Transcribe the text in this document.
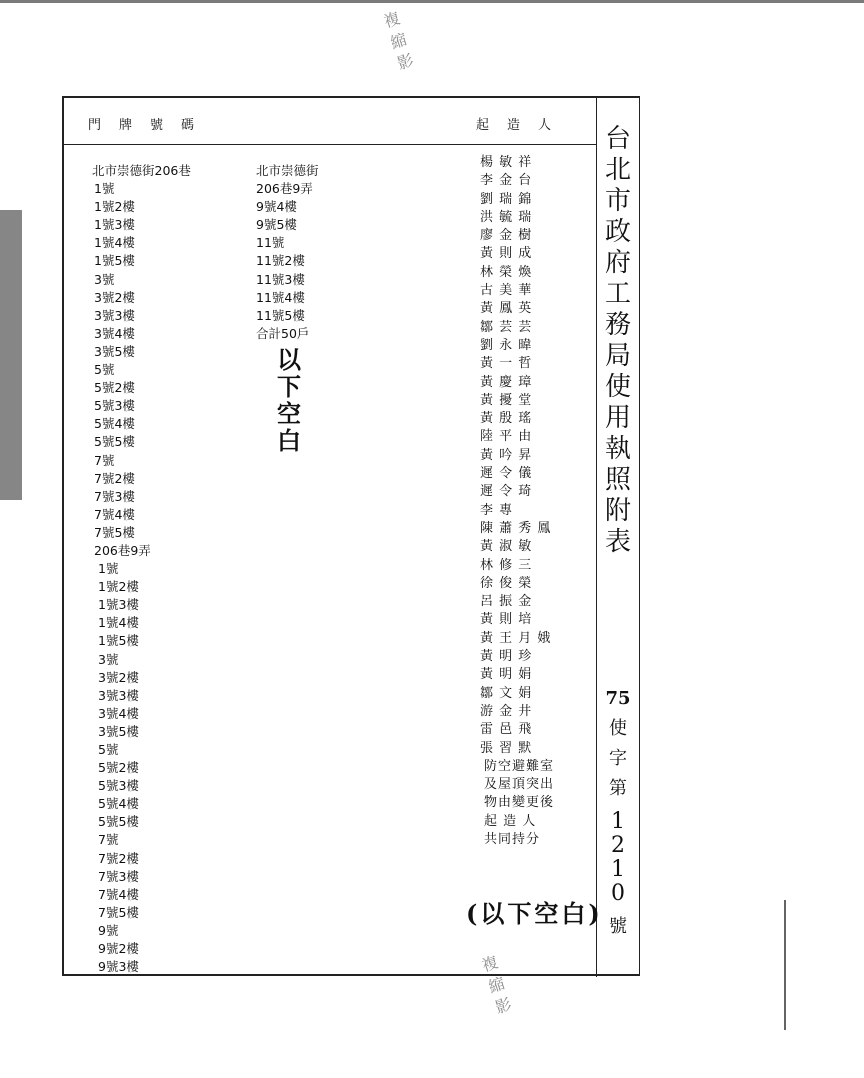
複
縮
影
複
縮
影
門牌號碼	起造人
北市崇德街206巷
1號
1號2樓
1號3樓
1號4樓
1號5樓
3號
3號2樓
3號3樓
3號4樓
3號5樓
5號
5號2樓
5號3樓
5號4樓
5號5樓
7號
7號2樓
7號3樓
7號4樓
7號5樓
206巷9弄
1號
1號2樓
1號3樓
1號4樓
1號5樓
3號
3號2樓
3號3樓
3號4樓
3號5樓
5號
5號2樓
5號3樓
5號4樓
5號5樓
7號
7號2樓
7號3樓
7號4樓
7號5樓
9號
9號2樓
9號3樓
北市崇德街
206巷9弄
9號4樓
9號5樓
11號
11號2樓
11號3樓
11號4樓
11號5樓
合計50戶
以
下
空
白
楊 敏 祥
李 金 台
劉 瑞 錦
洪 毓 瑞
廖 金 樹
黃 則 成
林 榮 煥
古 美 華
黃 鳳 英
鄒 芸 芸
劉 永 暐
黃 一 哲
黃 慶 璋
黃 擾 堂
黃 殷 瑤
陸 平 由
黃 吟 昇
遲 令 儀
遲 令 琦
李 專
陳 蕭 秀 鳳
黃 淑 敏
林 修 三
徐 俊 榮
呂 振 金
黃 則 培
黃 王 月 娥
黃 明 珍
黃 明 娟
鄒 文 娟
游 金 井
雷 邑 飛
張 習 默
防空避難室
及屋頂突出
物由變更後
起 造 人
共同持分
(以下空白)
台
北
市
政
府
工
務
局
使
用
執
照
附
表
75
使
字
第
1
2
1
0
號
